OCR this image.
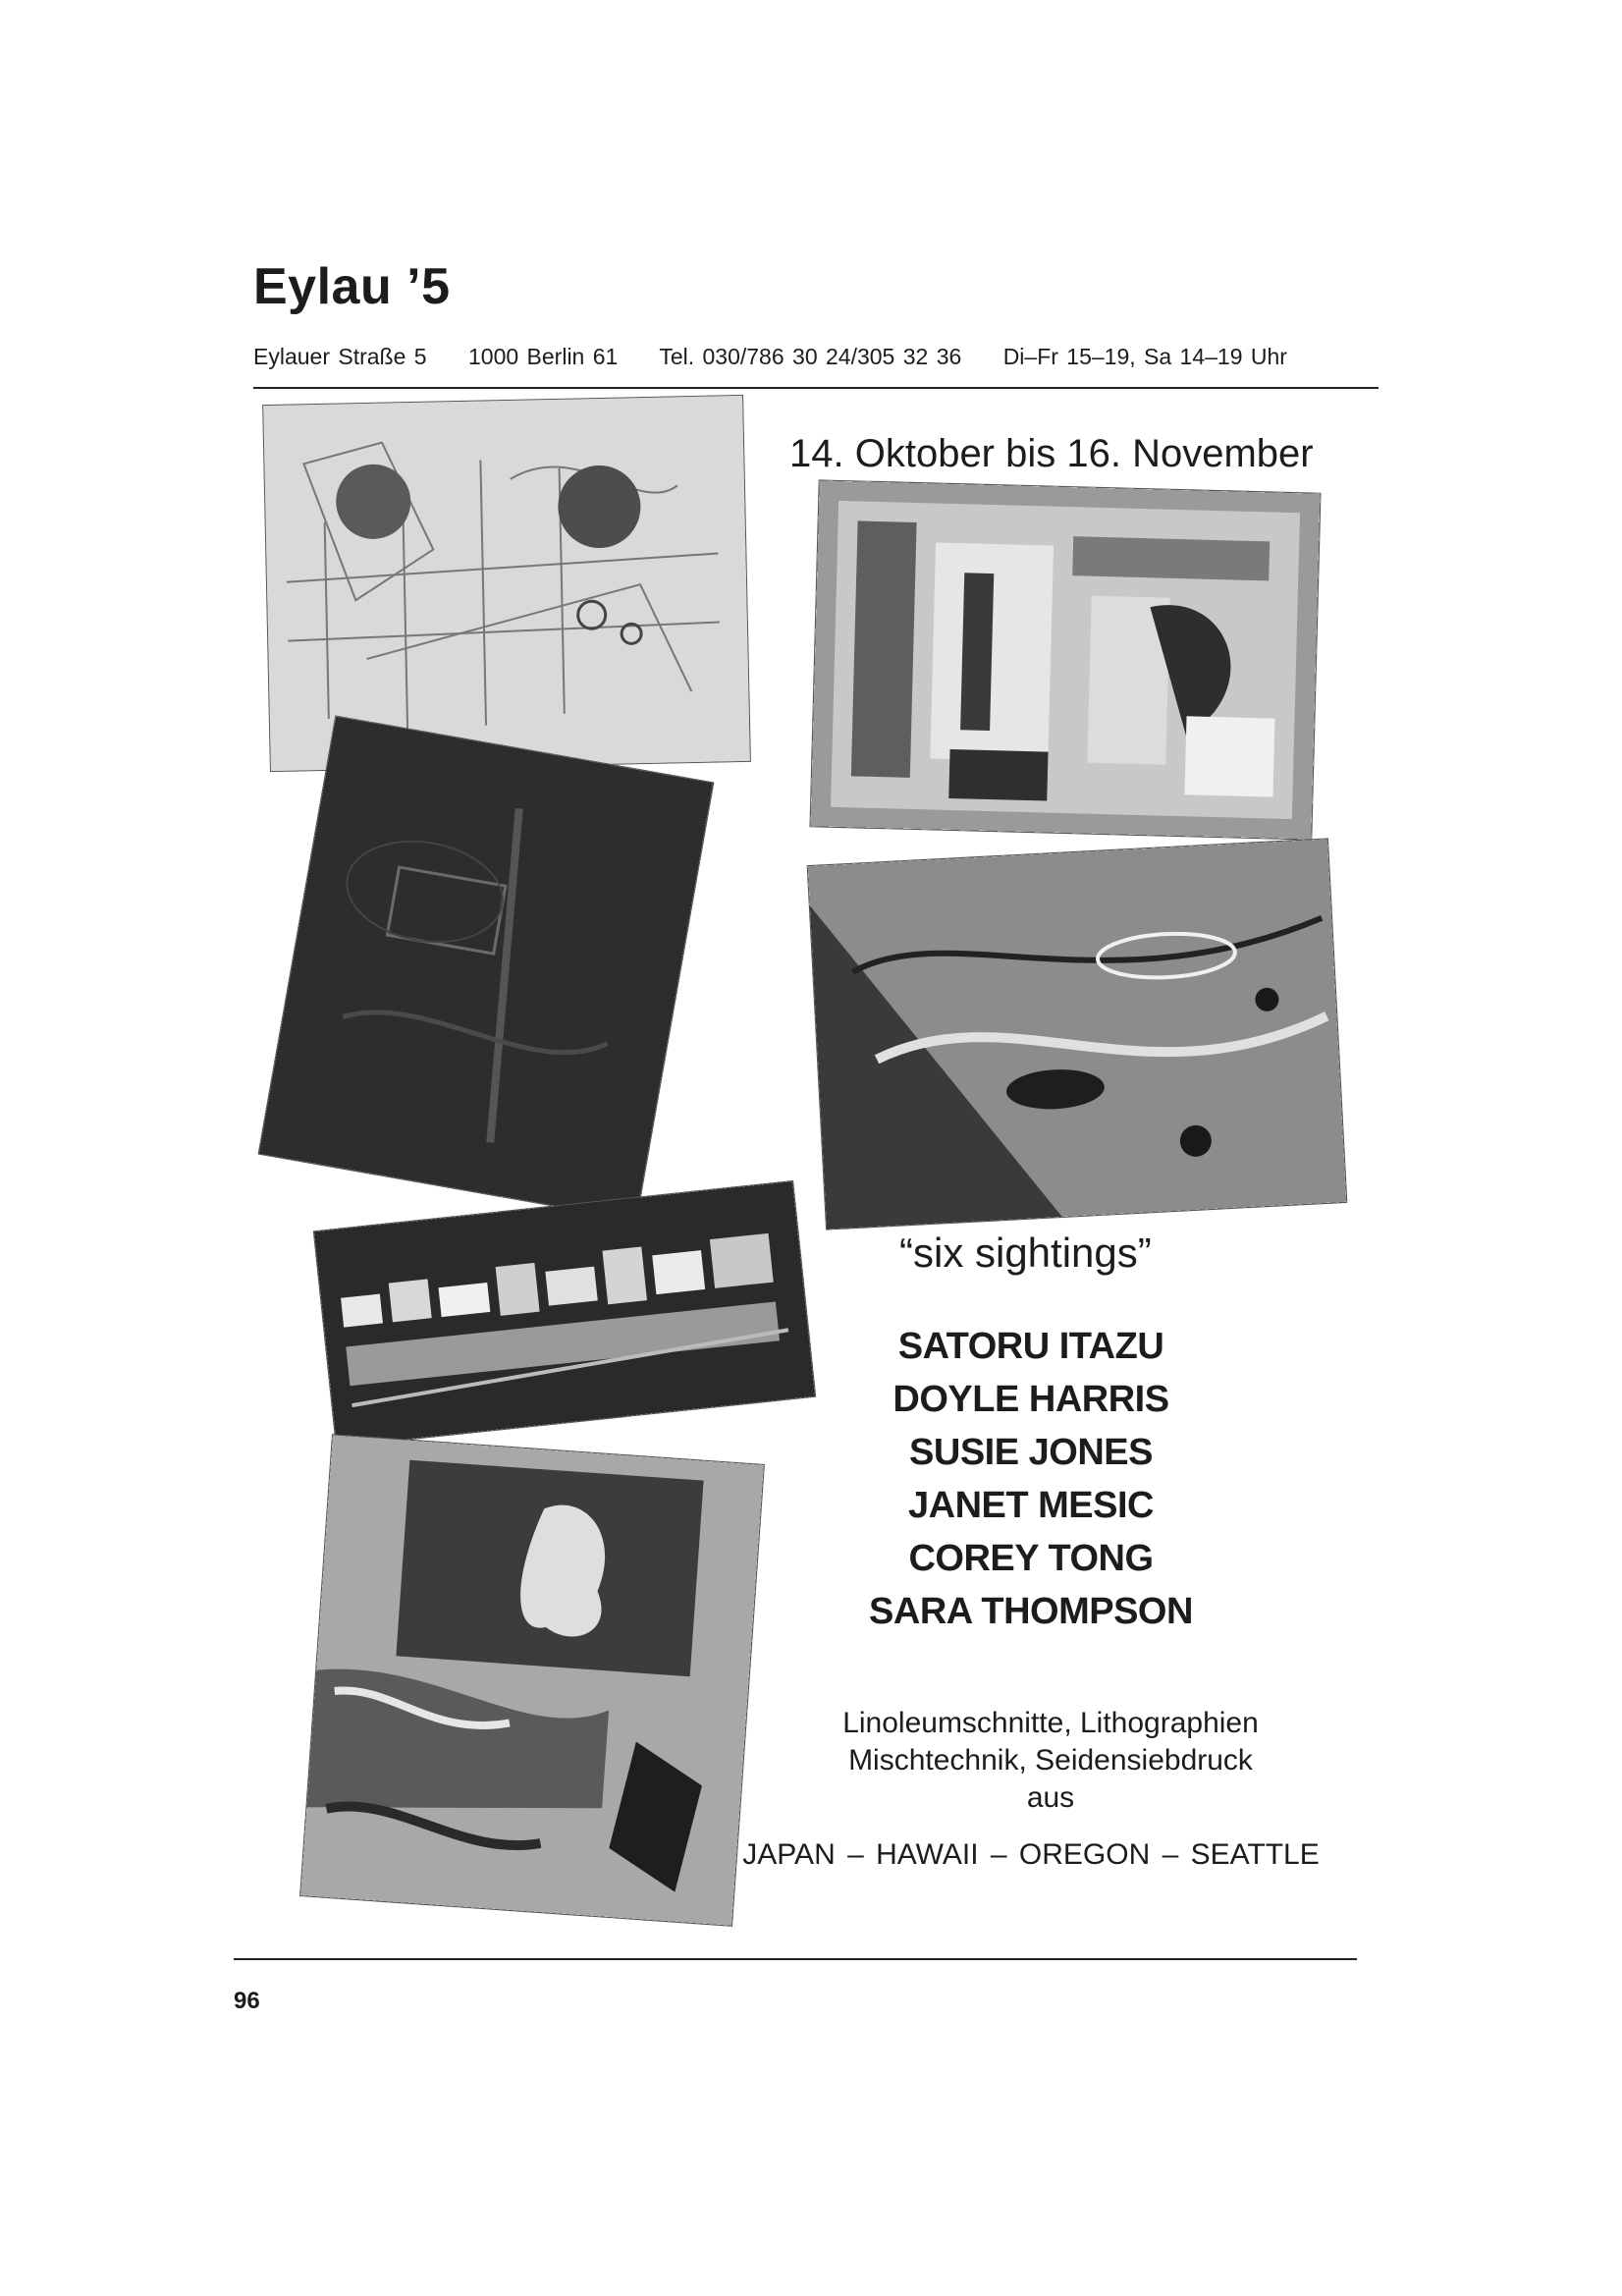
Eylau ’5
Eylauer Straße 5 1000 Berlin 61 Tel. 030/786 30 24/305 32 36 Di–Fr 15–19, Sa 14–19 Uhr
14. Oktober bis 16. November
“six sightings”
SATORU ITAZU
DOYLE HARRIS
SUSIE JONES
JANET MESIC
COREY TONG
SARA THOMPSON
Linoleumschnitte, Lithographien
Mischtechnik, Seidensiebdruck
aus
JAPAN – HAWAII – OREGON – SEATTLE
96
